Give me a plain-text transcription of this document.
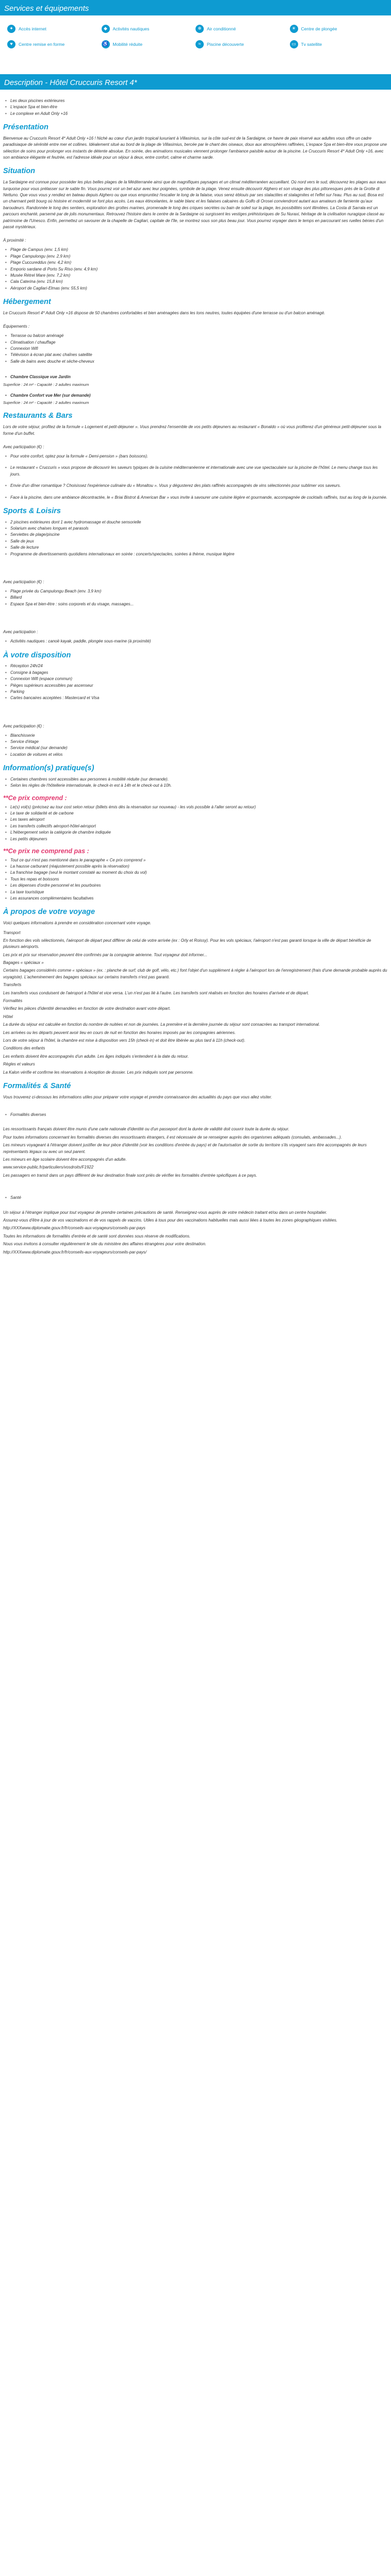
Services et équipements
✦	Accès internet	◆	Activités nautiques	❄	Air conditionné	☀	Centre de plongée
♥	Centre remise en forme	♿ Mobilité réduite	≈	Piscine découverte	▭	Tv satellite
Description - Hôtel Cruccuris Resort 4*
• Les deux piscines extérieures
• L'espace Spa et bien-être
• Le complexe en Adult Only +16
Présentation

Bienvenue au Cruccuris Resort 4* Adult Only +16 ! Niché au cœur d'un jardin tropical luxuriant à Villasimius, sur la côte sud-est de la Sardaigne, ce havre de paix réservé aux adultes vous offre un cadre paradisiaque de sérénité entre mer et collines. Idéalement situé au bord de la plage de Villasimius, bercée par le chant des oiseaux, doux aux atmosphères raffinées, L'espace Spa et bien-être vous propose une sélection de soins pour prolonger vos instants de détente absolue. En soirée, des animations musicales viennent prolonger l'ambiance paisible autour de la piscine. Le Cruccuris Resort 4* Adult Only +16, avec son ambiance élégante et feutrée, est l'adresse idéale pour un séjour à deux, entre confort, calme et charme sarde.

Situation

La Sardaigne est connue pour posséder les plus belles plages de la Méditerranée ainsi que de magnifiques paysages et un climat méditerranéen accueillant. Où nord vers le sud, découvrez les plages aux eaux turquoise pour vous prélasser sur le sable fin. Vous pourrez voir un bel azur avec leur poignées, symbole de la plage. Venez ensuite découvrir Alghero et son visage des plus pittoresques près de la Grotte di Nettuno. Que vous vous y rendiez en bateau depuis Alghero ou que vous empruntiez l'escalier le long de la falaise, vous serez éblouis par ses stalactites et stalagmites et l'effet sur l'eau. Plus au sud, Bosa est un charmant petit bourg où histoire et modernité se font plus accès. Les eaux étincelantes, le sable blanc et les falaises calcaires du Golfo di Orosei conviendront autant aux amateurs de farniente qu'aux baroudeurs. Randonnée le long des sentiers, exploration des grottes marines, promenade le long des criques secrètes ou bain de soleil sur la plage, les possibilités sont illimitées. La Costa di Sarrala est un parcours enchanté, parsemé par de jolis monumentaux. Retrouvez l'histoire dans le centre de la Sardaigne où surgissent les vestiges préhistoriques de Su Nuraxi, héritage de la civilisation nuragique classé au patrimoine de l'Unesco. Enfin, permettez un savourer de la chapelle de Cagliari, capitale de l'île, se montrez sous son plus beau jour. Vous pourrez voyager dans le temps en parcourant ses ruelles bénies d'un passé mystérieux.

À proximité :

• Plage de Campus (env. 1,5 km)
• Plage Campulongu (env. 2,9 km)
• Plage Cuccureddus (env. 4,2 km)
• Emporio sardane di Porto Su Riso (env. 4,9 km)
• Musée Rétrel Mare (env. 7,2 km)
• Cala Caterina (env. 15,8 km)
• Aéroport de Cagliari-Elmas (env. 55,5 km)
Hébergement

Le Cruccuris Resort 4* Adult Only +16 dispose de 50 chambres confortables et bien aménagées dans les tons neutres, toutes équipées d'une terrasse ou d'un balcon aménagé.

Équipements :

• Terrasse ou balcon aménagé
• Climatisation / chauffage
• Connexion Wifi
• Télévision à écran plat avec chaînes satellite
• Salle de bains avec douche et sèche-cheveux
• Chambre Classique vue Jardin

Superficie : 24 m² - Capacité : 2 adultes maximum

• Chambre Confort vue Mer (sur demande)

Superficie : 24 m² - Capacité : 2 adultes maximum

Restaurants & Bars

Lors de votre séjour, profitez de la formule « Logement et petit-déjeuner ». Vous prendrez l'ensemble de vos petits déjeuners au restaurant « Bonaldo » où vous profiterez d'un généreux petit-déjeuner sous la forme d'un buffet.

Avec participation (€) :

• Pour votre confort, optez pour la formule « Demi-pension » (bars boissons).
• Le restaurant « Cruccuris » vous propose de découvrir les saveurs typiques de la cuisine méditerranéenne et internationale avec une vue spectaculaire sur la piscine de l'hôtel. Le menu change tous les jours.
• Envie d'un dîner romantique ? Choisissez l'expérience culinaire du « Monaltou ». Vous y dégusterez des plats raffinés accompagnés de vins sélectionnés pour sublimer vos saveurs.
• Face à la piscine, dans une ambiance décontractée, le « Briai Bistrot & American Bar » vous invite à savourer une cuisine légère et gourmande, accompagnée de cocktails raffinés, tout au long de la journée.
Sports & Loisirs
• 2 piscines extérieures dont 1 avec hydromassage et douche sensorielle
• Solarium avec chaises longues et parasols
• Serviettes de plage/piscine
• Salle de jeux
• Salle de lecture
• Programme de divertissements quotidiens internationaux en soirée : concerts/spectacles, soirées à thème, musique légère

Avec participation (€) :

• Plage privée du Campulongu Beach (env. 3,9 km)
• Billard
• Espace Spa et bien-être : soins corporels et du visage, massages...

Avec participation :

• Activités nautiques : canoë kayak, paddle, plongée sous-marine (à proximité)
À votre disposition
• Réception 24h/24
• Consigne à bagages
• Connexion Wifi (espace commun)
• Pièges supérieurs accessibles par ascenseur
• Parking
• Cartes bancaires acceptées : Mastercard et Visa

Avec participation (€) :

• Blanchisserie
• Service d'étage
• Service médical (sur demande)
• Location de voitures et vélos
Information(s) pratique(s)
• Certaines chambres sont accessibles aux personnes à mobilité réduite (sur demande).
• Selon les règles de l'hôtellerie internationale, le check-in est à 14h et le check-out à 10h.
**Ce prix comprend :
• Le(s) vol(s) (précisez au tour cost selon retour (billets émis dès la réservation sur nouveau) - les vols possible à l'aller seront au retour)
• Le taxe de solidarité et de carbone
• Les taxes aéroport
• Les transferts collectifs aéroport-hôtel-aéroport
• L'hébergement selon la catégorie de chambre indiquée
• Les petits déjeuners
**Ce prix ne comprend pas :
• Tout ce qui n'est pas mentionné dans le paragraphe « Ce prix comprend »
• La hausse carburant (réajustement possible après la réservation)
• La franchise bagage (seul le montant constaté au moment du choix du vol)
• Tous les repas et boissons
• Les dépenses d'ordre personnel et les pourboires
• La taxe touristique
• Les assurances complémentaires facultatives
À propos de votre voyage

Voici quelques informations à prendre en considération concernant votre voyage.

Transport

En fonction des vols sélectionnés, l'aéroport de départ peut différer de celui de votre arrivée (ex : Orly et Roissy). Pour les vols spéciaux, l'aéroport n'est pas garanti lorsque la ville de départ bénéficie de plusieurs aéroports.

Les prix et prix sur réservation peuvent être confirmés par la compagnie aérienne. Tout voyageur doit informer...

Bagages « spéciaux »

Certains bagages considérés comme « spéciaux » (ex. : planche de surf, club de golf, vélo, etc.) font l'objet d'un supplément à régler à l'aéroport lors de l'enregistrement (frais d'une demande probable auprès du voyagiste). L'acheminement des bagages spéciaux sur certains transferts n'est pas garanti.

Transferts

Les transferts vous conduisent de l'aéroport à l'hôtel et vice versa. L'un n'est pas lié à l'autre. Les transferts sont réalisés en fonction des horaires d'arrivée et de départ.

Formalités

Vérifiez les pièces d'identité demandées en fonction de votre destination avant votre départ.

Hôtel

La durée du séjour est calculée en fonction du nombre de nuitées et non de journées. La première et la dernière journée du séjour sont consacrées au transport international.

Les arrivées ou les départs peuvent avoir lieu en cours de nuit en fonction des horaires imposés par les compagnies aériennes.

Lors de votre séjour à l'hôtel, la chambre est mise à disposition vers 15h (check-in) et doit être libérée au plus tard à 11h (check-out).

Conditions des enfants

Les enfants doivent être accompagnés d'un adulte. Les âges indiqués s'entendent à la date du retour.

Règles et valeurs

La Kalon vérifie et confirme les réservations à réception de dossier. Les prix indiqués sont par personne.

Formalités & Santé

Vous trouverez ci-dessous les informations utiles pour préparer votre voyage et prendre connaissance des actualités du pays que vous allez visiter.

• Formalités diverses

Les ressortissants français doivent être munis d'une carte nationale d'identité ou d'un passeport dont la durée de validité doit couvrir toute la durée du séjour.

Pour toutes informations concernant les formalités diverses des ressortissants étrangers, il est nécessaire de se renseigner auprès des organismes adéquats (consulats, ambassades...).

Les mineurs voyageant à l'étranger doivent justifier de leur pièce d'identité (voir les conditions d'entrée du pays) et de l'autorisation de sortie du territoire s'ils voyagent sans être accompagnés de leurs représentants légaux ou avec un seul parent.

Les mineurs en âge scolaire doivent être accompagnés d'un adulte.

www.service-public.fr/particuliers/vosdroits/F1922

Les passagers en transit dans un pays différent de leur destination finale sont priés de vérifier les formalités d'entrée spécifiques à ce pays.

• Santé

Un séjour à l'étranger implique pour tout voyageur de prendre certaines précautions de santé. Renseignez-vous auprès de votre médecin traitant et/ou dans un centre hospitalier.

Assurez-vous d'être à jour de vos vaccinations et de vos rappels de vaccins. Utiles à tous pour des vaccinations habituelles mais aussi liées à toutes les zones géographiques visitées.

http://XXXwww.diplomatie.gouv.fr/fr/conseils-aux-voyageurs/conseils-par-pays

Toutes les informations de formalités d'entrée et de santé sont données sous réserve de modifications.

Nous vous invitons à consulter régulièrement le site du ministère des affaires étrangères pour votre destination.

http://XXXwww.diplomatie.gouv.fr/fr/conseils-aux-voyageurs/conseils-par-pays/
